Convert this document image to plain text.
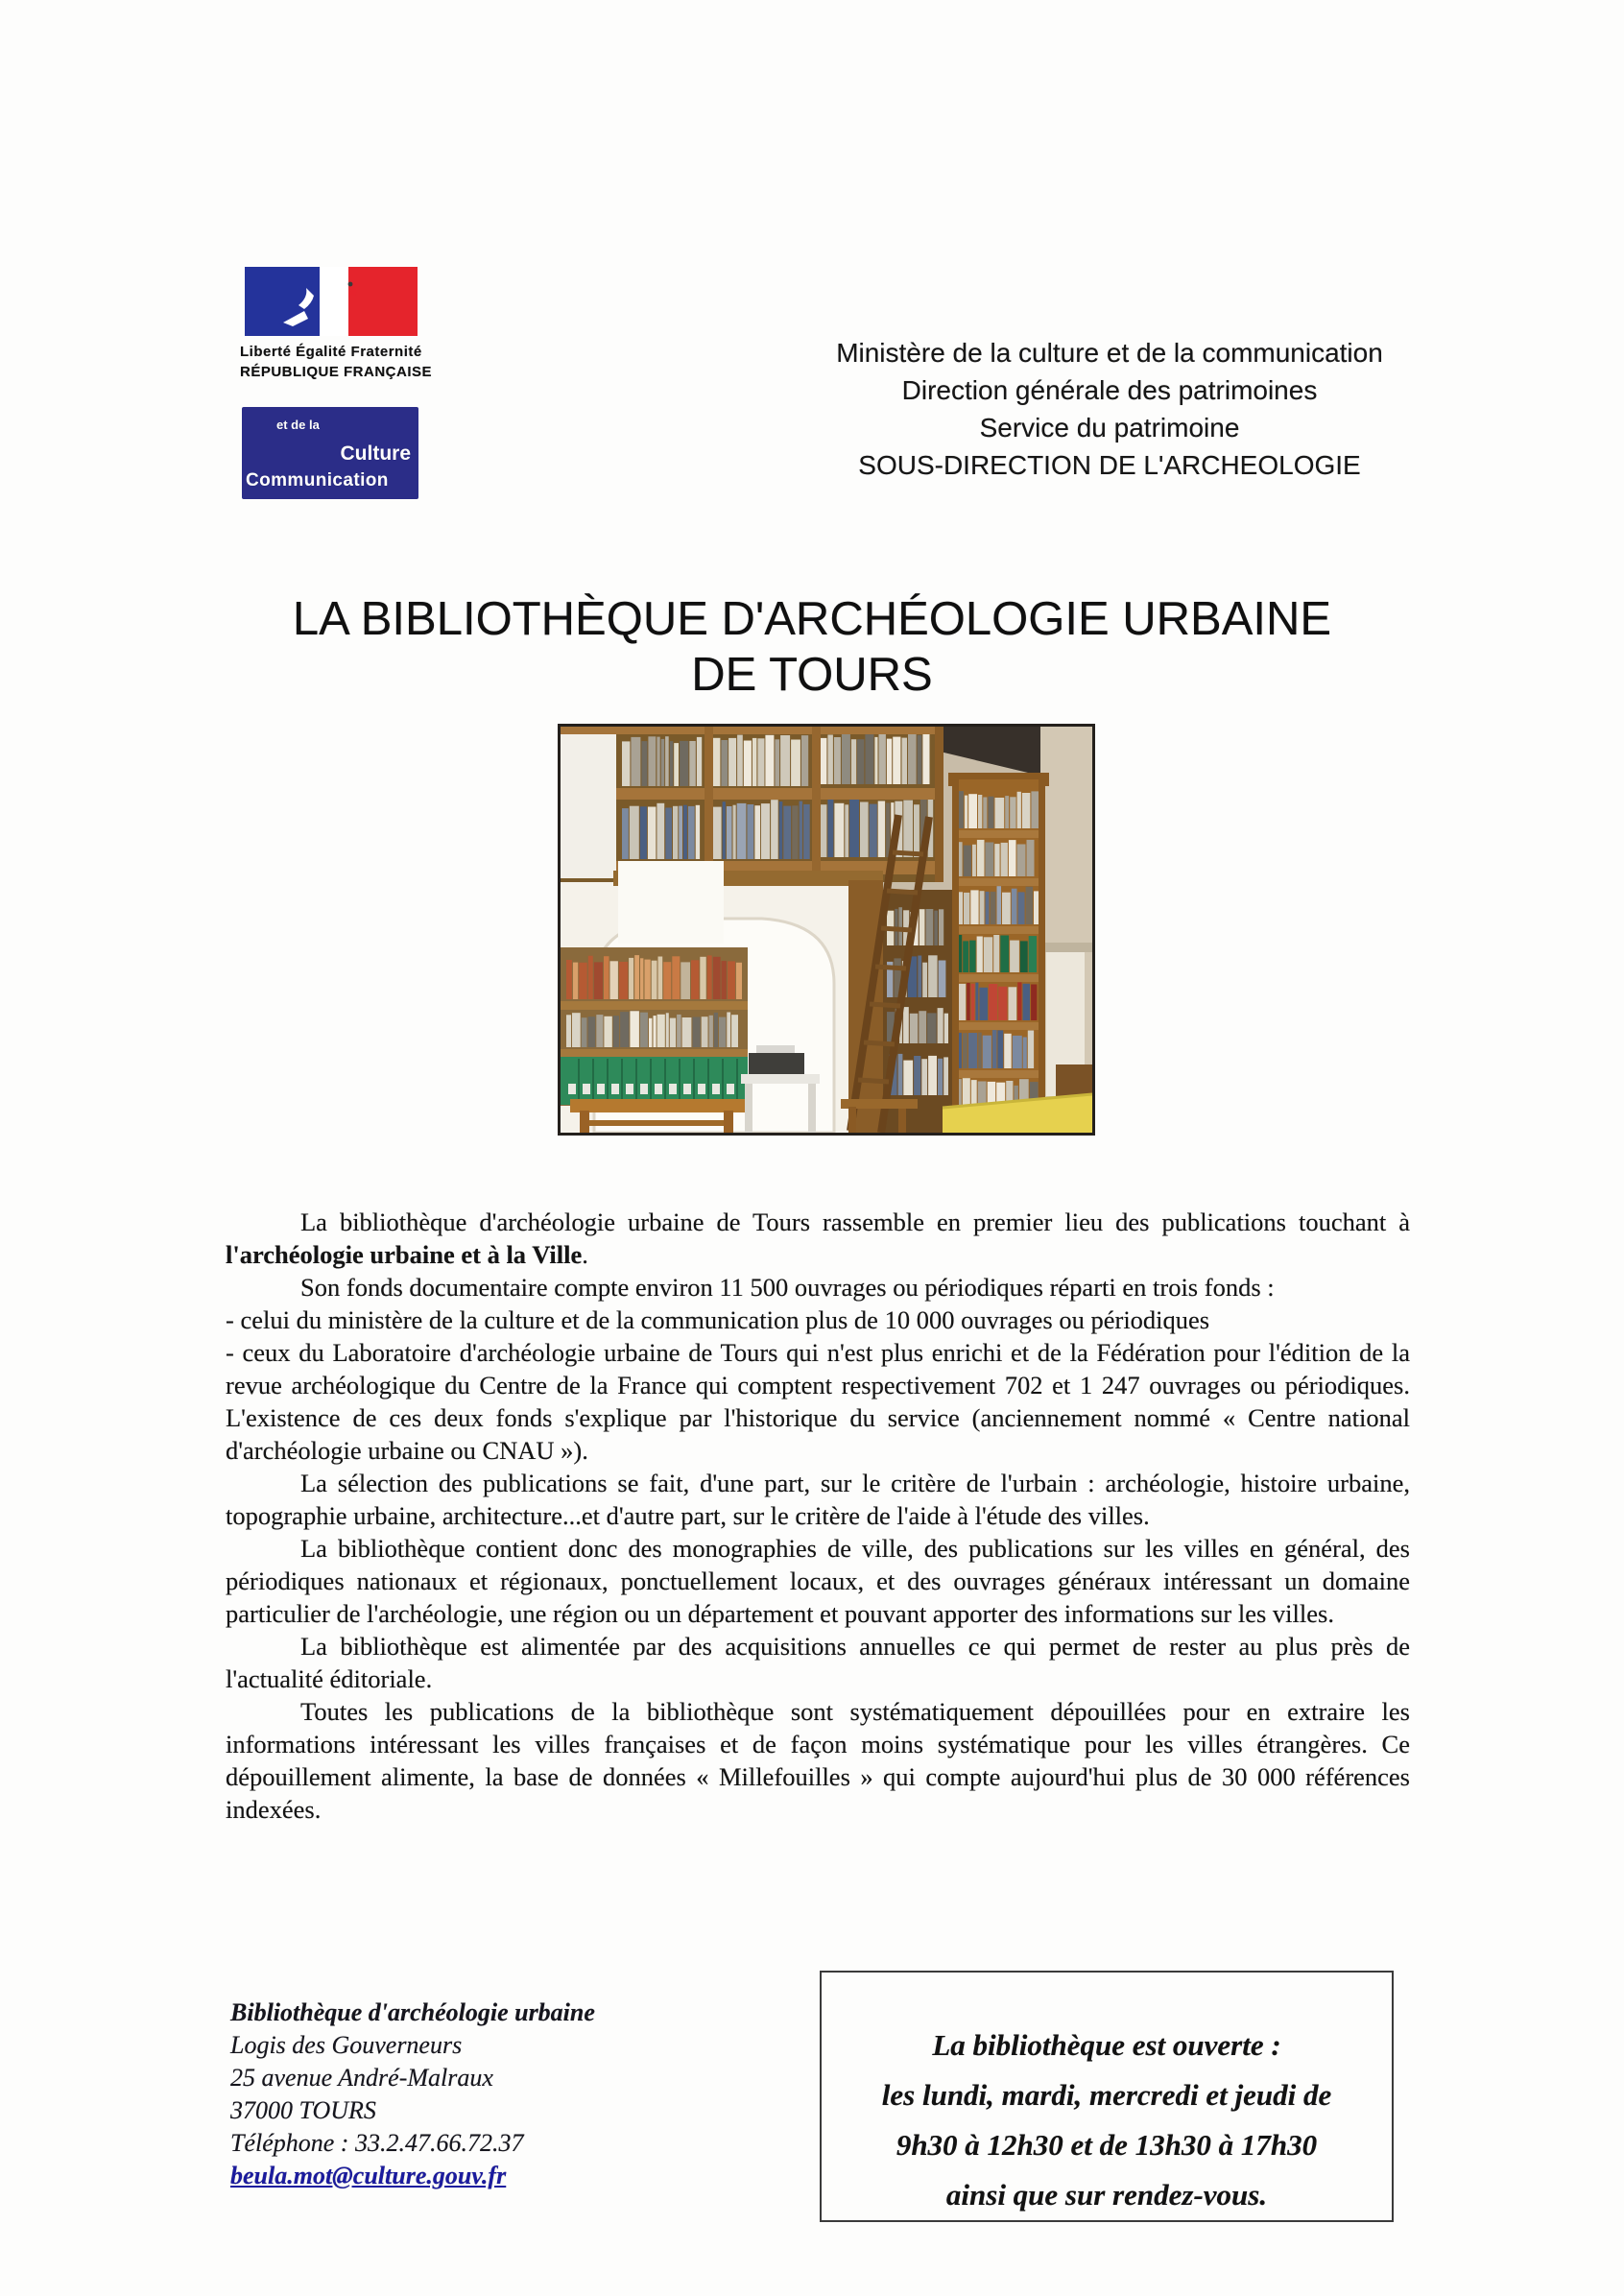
Liberté Égalité Fraternité
RÉPUBLIQUE FRANÇAISE
et de la
Culture
Communication
Ministère de la culture et de la communication
Direction générale des patrimoines
Service du patrimoine
SOUS-DIRECTION DE L'ARCHEOLOGIE
LA BIBLIOTHÈQUE D'ARCHÉOLOGIE URBAINE
DE TOURS

La bibliothèque d'archéologie urbaine de Tours rassemble en premier lieu des publications touchant à l'archéologie urbaine et à la Ville.

Son fonds documentaire compte environ 11 500 ouvrages ou périodiques réparti en trois fonds :

- celui du ministère de la culture et de la communication plus de 10 000 ouvrages ou périodiques

- ceux du Laboratoire d'archéologie urbaine de Tours qui n'est plus enrichi et de la Fédération pour l'édition de la revue archéologique du Centre de la France qui comptent respectivement 702 et 1 247 ouvrages ou périodiques. L'existence de ces deux fonds s'explique par l'historique du service (anciennement nommé « Centre national d'archéologie urbaine ou CNAU »).

La sélection des publications se fait, d'une part, sur le critère de l'urbain : archéologie, histoire urbaine, topographie urbaine, architecture...et d'autre part, sur le critère de l'aide à l'étude des villes.

La bibliothèque contient donc des monographies de ville, des publications sur les villes en général, des périodiques nationaux et régionaux, ponctuellement locaux, et des ouvrages généraux intéressant un domaine particulier de l'archéologie, une région ou un département et pouvant apporter des informations sur les villes.

La bibliothèque est alimentée par des acquisitions annuelles ce qui permet de rester au plus près de l'actualité éditoriale.

Toutes les publications de la bibliothèque sont systématiquement dépouillées pour en extraire les informations intéressant les villes françaises et de façon moins systématique pour les villes étrangères. Ce dépouillement alimente, la base de données « Millefouilles » qui compte aujourd'hui plus de 30 000 références indexées.

Bibliothèque d'archéologie urbaine
Logis des Gouverneurs
25 avenue André-Malraux
37000 TOURS
Téléphone : 33.2.47.66.72.37
beula.mot@culture.gouv.fr
La bibliothèque est ouverte :
les lundi, mardi, mercredi et jeudi de
9h30 à 12h30 et de 13h30 à 17h30
ainsi que sur rendez-vous.
